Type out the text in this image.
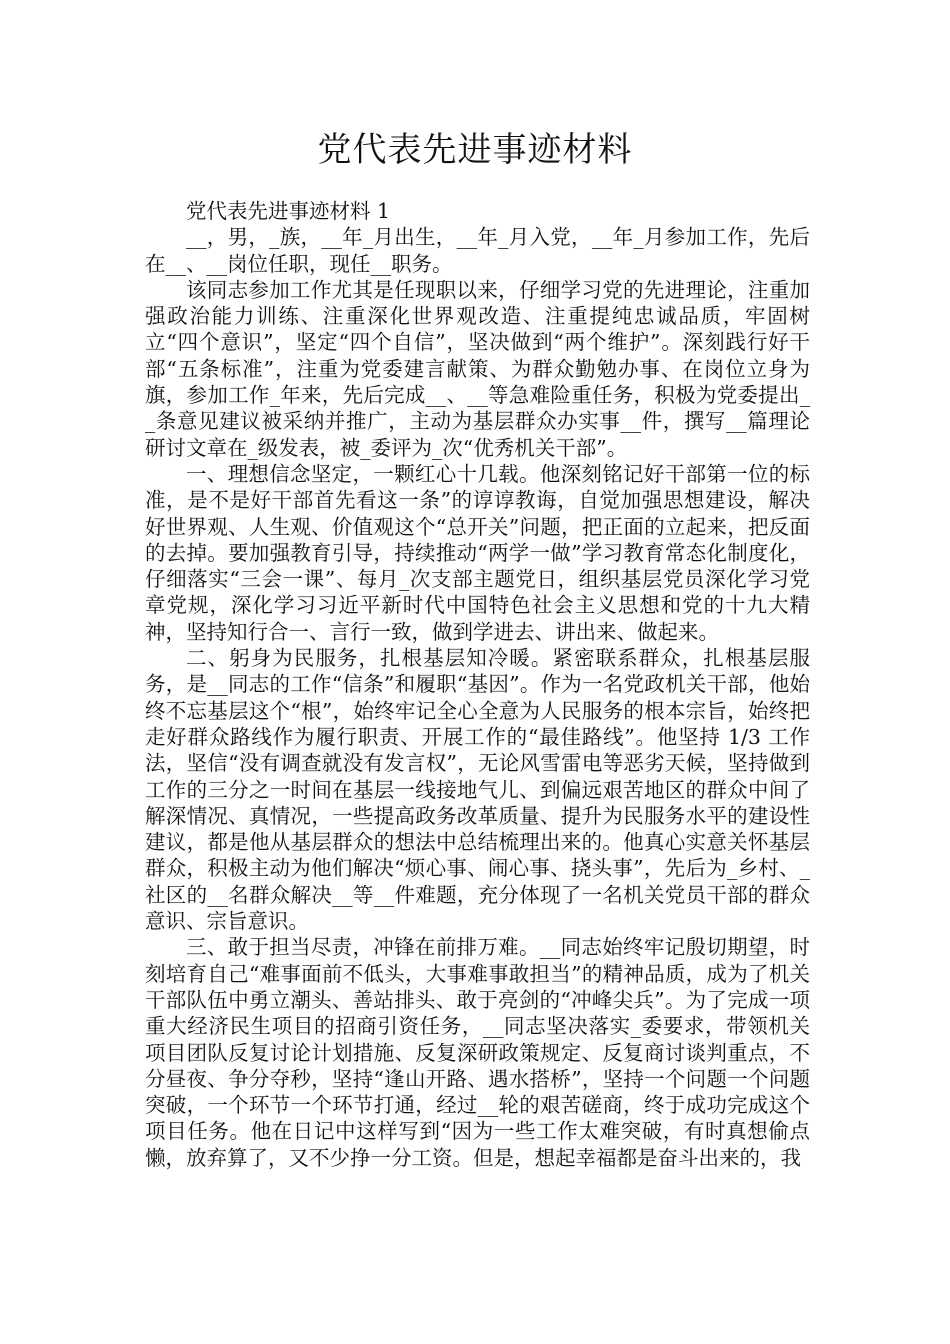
党代表先进事迹材料

党代表先进事迹材料 1

__，男，_族，__年_月出生，__年_月入党，__年_月参加工作，先后在__、__岗位任职，现任__职务。

该同志参加工作尤其是任现职以来，仔细学习党的先进理论，注重加强政治能力训练、注重深化世界观改造、注重提纯忠诚品质，牢固树立“四个意识”，坚定“四个自信”，坚决做到“两个维护”。深刻践行好干部“五条标准”，注重为党委建言献策、为群众勤勉办事、在岗位立身为旗，参加工作_年来，先后完成__、__等急难险重任务，积极为党委提出__条意见建议被采纳并推广，主动为基层群众办实事__件，撰写__篇理论研讨文章在_级发表，被_委评为_次“优秀机关干部”。

一、理想信念坚定，一颗红心十几载。他深刻铭记好干部第一位的标准，是不是好干部首先看这一条”的谆谆教诲，自觉加强思想建设，解决好世界观、人生观、价值观这个“总开关”问题，把正面的立起来，把反面的去掉。要加强教育引导，持续推动“两学一做”学习教育常态化制度化，仔细落实“三会一课”、每月_次支部主题党日，组织基层党员深化学习党章党规，深化学习习近平新时代中国特色社会主义思想和党的十九大精神，坚持知行合一、言行一致，做到学进去、讲出来、做起来。

二、躬身为民服务，扎根基层知冷暖。紧密联系群众，扎根基层服务，是__同志的工作“信条”和履职“基因”。作为一名党政机关干部，他始终不忘基层这个“根”，始终牢记全心全意为人民服务的根本宗旨，始终把走好群众路线作为履行职责、开展工作的“最佳路线”。他坚持 1/3 工作法，坚信“没有调查就没有发言权”，无论风雪雷电等恶劣天候，坚持做到工作的三分之一时间在基层一线接地气儿、到偏远艰苦地区的群众中间了解深情况、真情况，一些提高政务改革质量、提升为民服务水平的建设性建议，都是他从基层群众的想法中总结梳理出来的。他真心实意关怀基层群众，积极主动为他们解决“烦心事、闹心事、挠头事”，先后为_乡村、_社区的__名群众解决__等__件难题，充分体现了一名机关党员干部的群众意识、宗旨意识。

三、敢于担当尽责，冲锋在前排万难。__同志始终牢记殷切期望，时刻培育自己“难事面前不低头，大事难事敢担当”的精神品质，成为了机关干部队伍中勇立潮头、善站排头、敢于亮剑的“冲峰尖兵”。为了完成一项重大经济民生项目的招商引资任务，__同志坚决落实_委要求，带领机关项目团队反复讨论计划措施、反复深研政策规定、反复商讨谈判重点，不分昼夜、争分夺秒，坚持“逢山开路、遇水搭桥”，坚持一个问题一个问题突破，一个环节一个环节打通，经过__轮的艰苦磋商，终于成功完成这个项目任务。他在日记中这样写到“因为一些工作太难突破，有时真想偷点懒，放弃算了，又不少挣一分工资。但是，想起幸福都是奋斗出来的，我
